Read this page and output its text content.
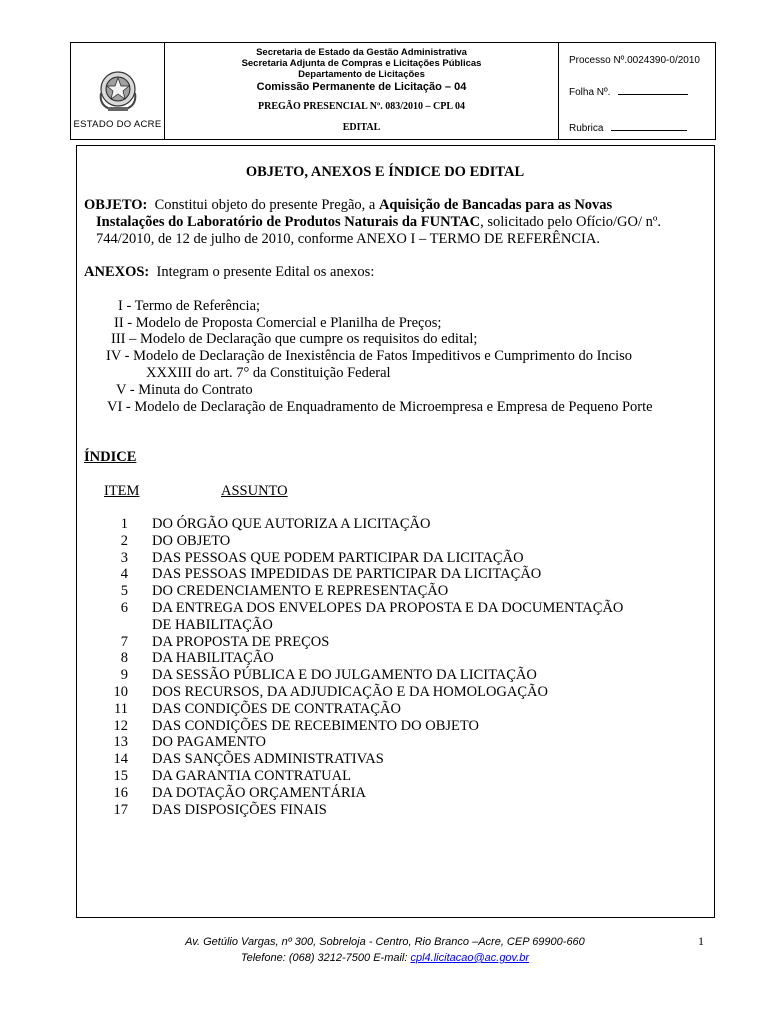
ESTADO DO ACRE
Secretaria de Estado da Gestão Administrativa
Secretaria Adjunta de Compras e Licitações Públicas
Departamento de Licitações
Comissão Permanente de Licitação – 04
PREGÃO PRESENCIAL Nº. 083/2010 – CPL 04
EDITAL
Processo Nº.0024390-0/2010
Folha Nº.
Rubrica
OBJETO, ANEXOS E ÍNDICE DO EDITAL
OBJETO: Constitui objeto do presente Pregão, a Aquisição de Bancadas para as Novas
Instalações do Laboratório de Produtos Naturais da FUNTAC, solicitado pelo Ofício/GO/ nº.
744/2010, de 12 de julho de 2010, conforme ANEXO I – TERMO DE REFERÊNCIA.
ANEXOS: Integram o presente Edital os anexos:
I - Termo de Referência;
II - Modelo de Proposta Comercial e Planilha de Preços;
III – Modelo de Declaração que cumpre os requisitos do edital;
IV - Modelo de Declaração de Inexistência de Fatos Impeditivos e Cumprimento do Inciso
XXXIII do art. 7° da Constituição Federal
V - Minuta do Contrato
VI - Modelo de Declaração de Enquadramento de Microempresa e Empresa de Pequeno Porte
ÍNDICE
ITEM	ASSUNTO
1 DO ÓRGÃO QUE AUTORIZA A LICITAÇÃO
2 DO OBJETO
3 DAS PESSOAS QUE PODEM PARTICIPAR DA LICITAÇÃO
4 DAS PESSOAS IMPEDIDAS DE PARTICIPAR DA LICITAÇÃO
5 DO CREDENCIAMENTO E REPRESENTAÇÃO
6 DA ENTREGA DOS ENVELOPES DA PROPOSTA E DA DOCUMENTAÇÃO
DE HABILITAÇÃO
7 DA PROPOSTA DE PREÇOS
8 DA HABILITAÇÃO
9 DA SESSÃO PÚBLICA E DO JULGAMENTO DA LICITAÇÃO
10 DOS RECURSOS, DA ADJUDICAÇÃO E DA HOMOLOGAÇÃO
11 DAS CONDIÇÕES DE CONTRATAÇÃO
12 DAS CONDIÇÕES DE RECEBIMENTO DO OBJETO
13 DO PAGAMENTO
14 DAS SANÇÕES ADMINISTRATIVAS
15 DA GARANTIA CONTRATUAL
16 DA DOTAÇÃO ORÇAMENTÁRIA
17 DAS DISPOSIÇÕES FINAIS
Av. Getúlio Vargas, nº 300, Sobreloja - Centro, Rio Branco –Acre, CEP 69900-660
Telefone: (068) 3212-7500 E-mail: cpl4.licitacao@ac.gov.br
1
